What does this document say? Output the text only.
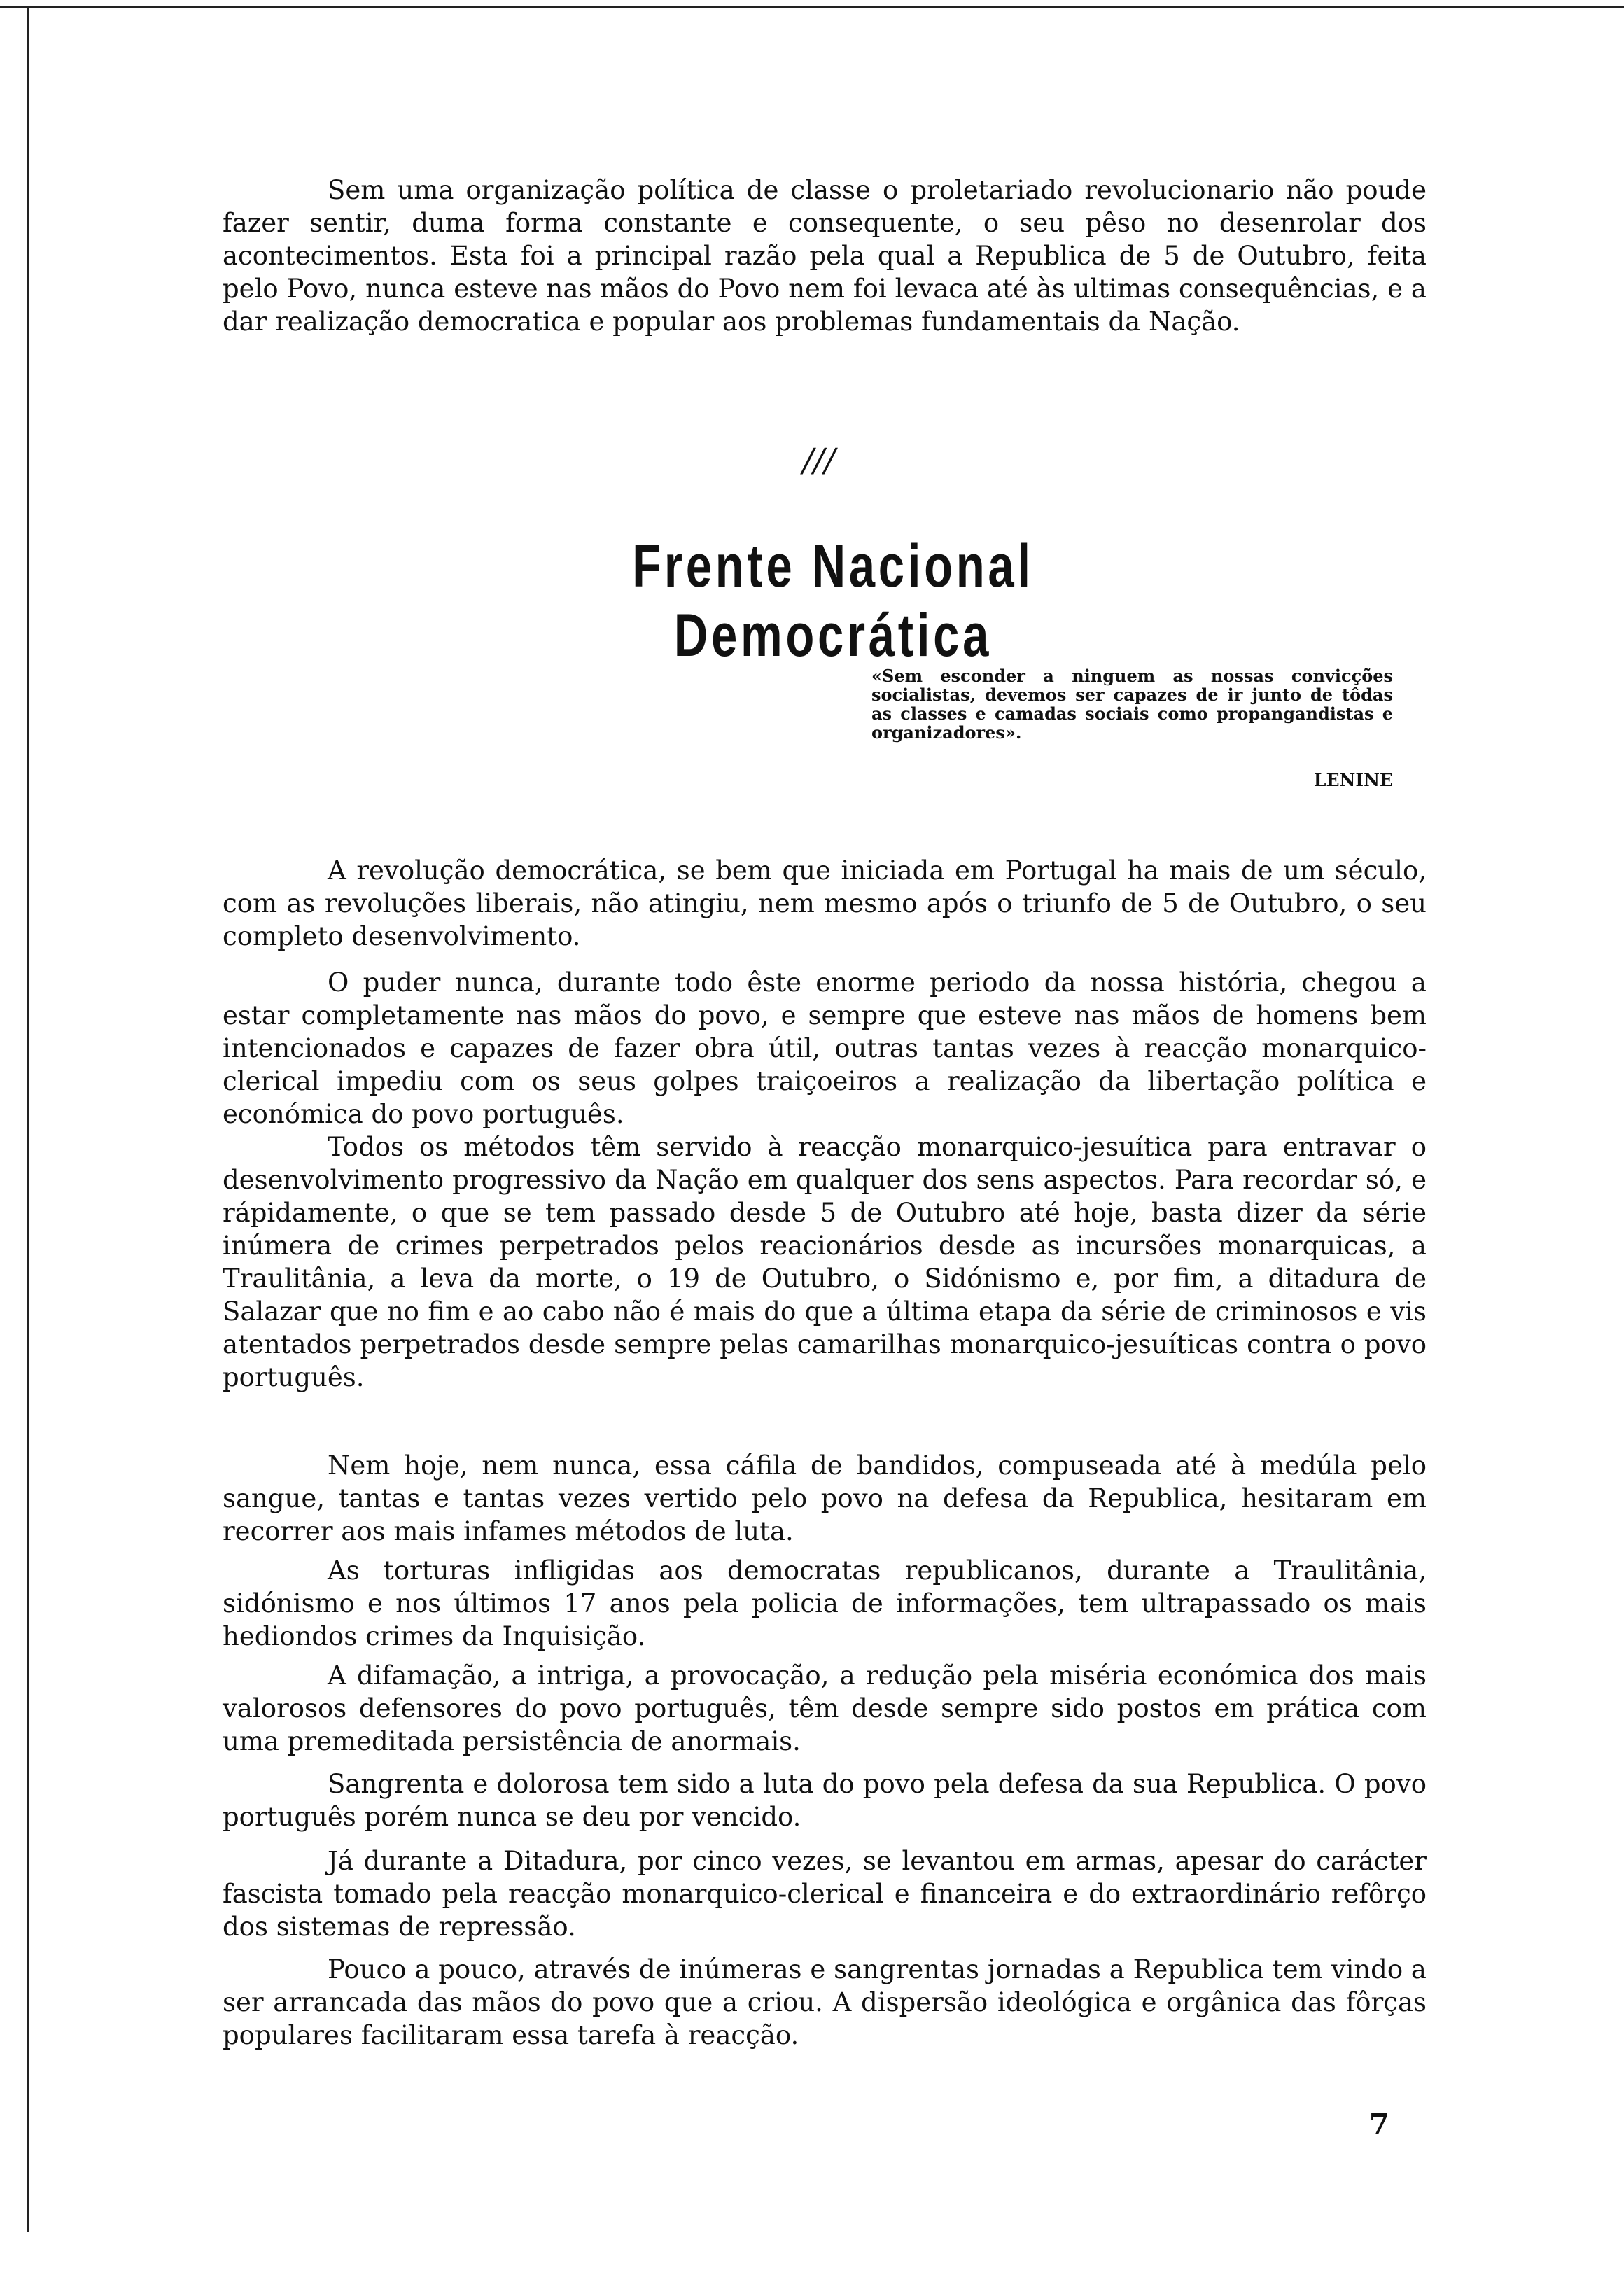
Sem uma organização política de classe o proletariado revolucionario não poude fazer sentir, duma forma constante e consequente, o seu pêso no desenrolar dos acontecimentos. Esta foi a principal razão pela qual a Republica de 5 de Outubro, feita pelo Povo, nunca esteve nas mãos do Povo nem foi levaca até às ultimas consequências, e a dar realização democratica e popular aos problemas fundamentais da Nação.

///
Frente Nacional Democrática
«Sem esconder a ninguem as nossas convicções socialistas, devemos ser capazes de ir junto de tôdas as classes e camadas sociais como propangandistas e organizadores».
LENINE

A revolução democrática, se bem que iniciada em Portugal ha mais de um século, com as revoluções liberais, não atingiu, nem mesmo após o triunfo de 5 de Outubro, o seu completo desenvolvimento.

O puder nunca, durante todo êste enorme periodo da nossa história, chegou a estar completamente nas mãos do povo, e sempre que esteve nas mãos de homens bem intencionados e capazes de fazer obra útil, outras tantas vezes à reacção monarquico-clerical impediu com os seus golpes traiçoeiros a realização da libertação política e económica do povo português.

Todos os métodos têm servido à reacção monarquico-jesuítica para entravar o desenvolvimento progressivo da Nação em qualquer dos sens aspectos. Para recordar só, e rápidamente, o que se tem passado desde 5 de Outubro até hoje, basta dizer da série inúmera de crimes perpetrados pelos reacionários desde as incursões monarquicas, a Traulitânia, a leva da morte, o 19 de Outubro, o Sidónismo e, por fim, a ditadura de Salazar que no fim e ao cabo não é mais do que a última etapa da série de criminosos e vis atentados perpetrados desde sempre pelas camarilhas monarquico-jesuíticas contra o povo português.

Nem hoje, nem nunca, essa cáfila de bandidos, compuseada até à medúla pelo sangue, tantas e tantas vezes vertido pelo povo na defesa da Republica, hesitaram em recorrer aos mais infames métodos de luta.

As torturas infligidas aos democratas republicanos, durante a Traulitânia, sidónismo e nos últimos 17 anos pela policia de informações, tem ultrapassado os mais hediondos crimes da Inquisição.

A difamação, a intriga, a provocação, a redução pela miséria económica dos mais valorosos defensores do povo português, têm desde sempre sido postos em prática com uma premeditada persistência de anormais.

Sangrenta e dolorosa tem sido a luta do povo pela defesa da sua Republica. O povo português porém nunca se deu por vencido.

Já durante a Ditadura, por cinco vezes, se levantou em armas, apesar do carácter fascista tomado pela reacção monarquico-clerical e financeira e do extraordinário refôrço dos sistemas de repressão.

Pouco a pouco, através de inúmeras e sangrentas jornadas a Republica tem vindo a ser arrancada das mãos do povo que a criou. A dispersão ideológica e orgânica das fôrças populares facilitaram essa tarefa à reacção.

7
